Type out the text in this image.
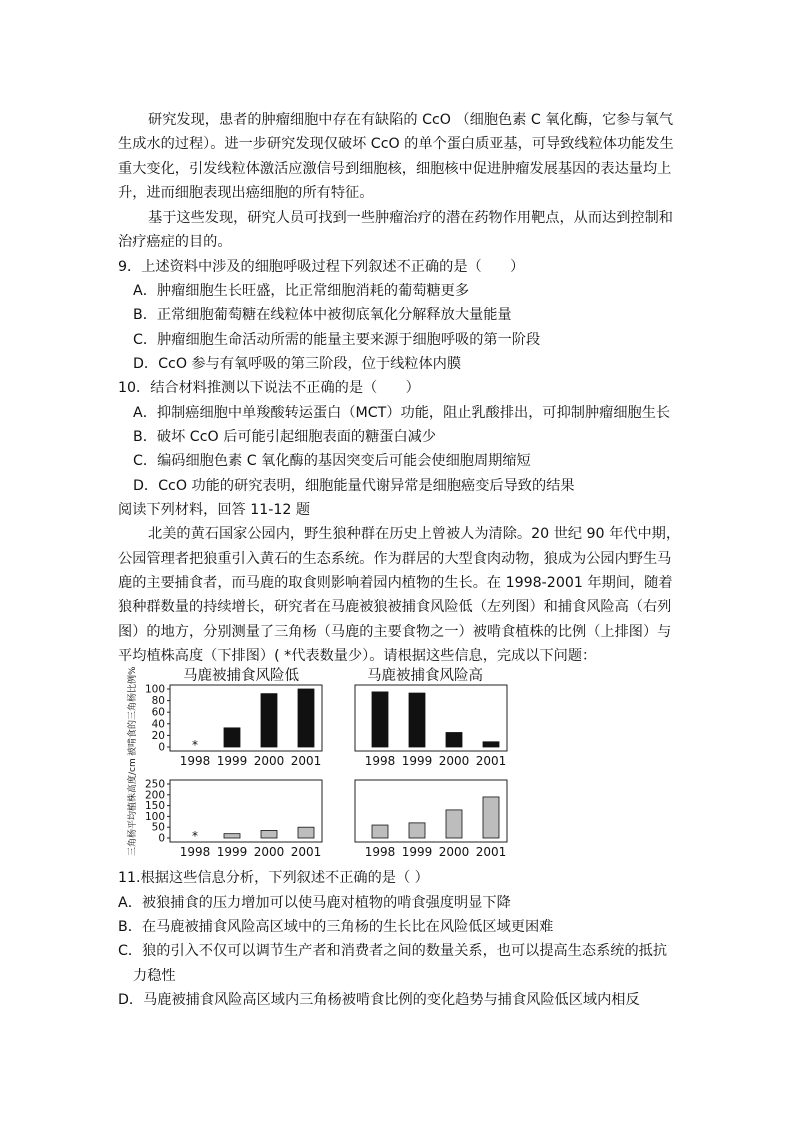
研究发现，患者的肿瘤细胞中存在有缺陷的 CcO （细胞色素 C 氧化酶，它参与氧气
生成水的过程）。进一步研究发现仅破坏 CcO 的单个蛋白质亚基，可导致线粒体功能发生
重大变化，引发线粒体激活应激信号到细胞核，细胞核中促进肿瘤发展基因的表达量均上
升，进而细胞表现出癌细胞的所有特征。
基于这些发现，研究人员可找到一些肿瘤治疗的潜在药物作用靶点，从而达到控制和
治疗癌症的目的。
9．上述资料中涉及的细胞呼吸过程下列叙述不正确的是（　　）
A．肿瘤细胞生长旺盛，比正常细胞消耗的葡萄糖更多
B．正常细胞葡萄糖在线粒体中被彻底氧化分解释放大量能量
C．肿瘤细胞生命活动所需的能量主要来源于细胞呼吸的第一阶段
D．CcO 参与有氧呼吸的第三阶段，位于线粒体内膜
10．结合材料推测以下说法不正确的是（　　）
A．抑制癌细胞中单羧酸转运蛋白（MCT）功能，阻止乳酸排出，可抑制肿瘤细胞生长
B．破坏 CcO 后可能引起细胞表面的糖蛋白减少
C．编码细胞色素 C 氧化酶的基因突变后可能会使细胞周期缩短
D．CcO 功能的研究表明，细胞能量代谢异常是细胞癌变后导致的结果
阅读下列材料，回答 11-12 题
北美的黄石国家公园内，野生狼种群在历史上曾被人为清除。20 世纪 90 年代中期，
公园管理者把狼重引入黄石的生态系统。作为群居的大型食肉动物，狼成为公园内野生马
鹿的主要捕食者，而马鹿的取食则影响着园内植物的生长。在 1998-2001 年期间，随着
狼种群数量的持续增长，研究者在马鹿被狼被捕食风险低（左列图）和捕食风险高（右列
图）的地方，分别测量了三角杨（马鹿的主要食物之一）被啃食植株的比例（上排图）与
平均植株高度（下排图）( *代表数量少）。请根据这些信息，完成以下问题：
马鹿被捕食风险低	马鹿被捕食风险高
被啃食的三角杨比例%
三角杨平均植株高度/cm
0
20
40
60
80
100
*
1998 1999 2000 2001	1998 1999 2000 2001
0
50
100
150
200
250
*
1998 1999 2000 2001	1998 1999 2000 2001
11.根据这些信息分析，下列叙述不正确的是（ ）
A．被狼捕食的压力增加可以使马鹿对植物的啃食强度明显下降
B．在马鹿被捕食风险高区域中的三角杨的生长比在风险低区域更困难
C．狼的引入不仅可以调节生产者和消费者之间的数量关系，也可以提高生态系统的抵抗
力稳性
D．马鹿被捕食风险高区域内三角杨被啃食比例的变化趋势与捕食风险低区域内相反
